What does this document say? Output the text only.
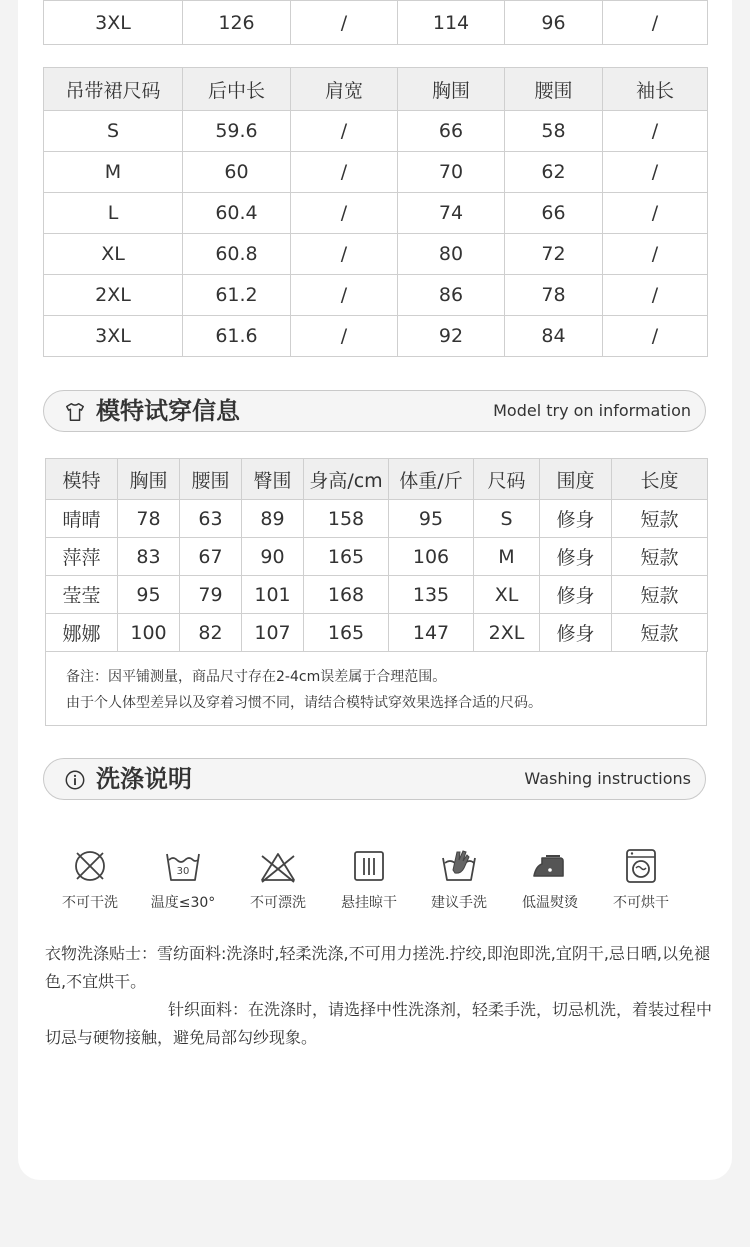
3XL	126	/	114	96	/
吊带裙尺码	后中长	肩宽	胸围	腰围	袖长
S	59.6	/	66	58	/
M	60	/	70	62	/
L	60.4	/	74	66	/
XL	60.8	/	80	72	/
2XL	61.2	/	86	78	/
3XL	61.6	/	92	84	/
模特试穿信息	Model try on information
模特	胸围	腰围	臀围	身高/cm	体重/斤	尺码	围度	长度
晴晴	78	63	89	158	95	S	修身	短款
萍萍	83	67	90	165	106	M	修身	短款
莹莹	95	79	101	168	135	XL	修身	短款
娜娜	100	82	107	165	147	2XL	修身	短款
备注：因平铺测量，商品尺寸存在2-4cm误差属于合理范围。
由于个人体型差异以及穿着习惯不同，请结合模特试穿效果选择合适的尺码。
洗涤说明	Washing instructions
不可干洗
30
温度≤30°	不可漂洗	悬挂晾干	建议手洗	低温熨烫	不可烘干

衣物洗涤贴士：雪纺面料:洗涤时,轻柔洗涤,不可用力搓洗.拧绞,即泡即洗,宜阴干,忌日晒,以免褪色,不宜烘干。

针织面料：在洗涤时，请选择中性洗涤剂，轻柔手洗，切忌机洗，着装过程中切忌与硬物接触，避免局部勾纱现象。
